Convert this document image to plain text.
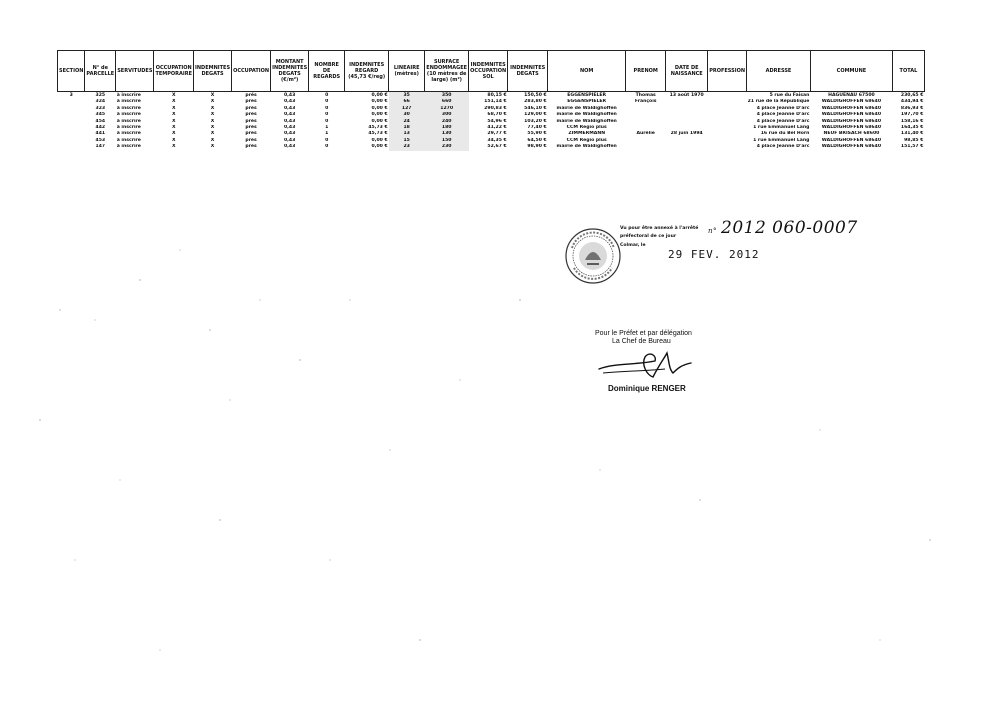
SECTION	N° de PARCELLE	SERVITUDES	OCCUPATION TEMPORAIRE	INDEMNITES DEGATS	OCCUPATION	MONTANT INDEMNITES DEGATS (€/m²)	NOMBRE DE REGARDS	INDEMNITES REGARD (45,73 €/reg)	LINEAIRE (mètres)	SURFACE ENDOMMAGEE (10 mètres de large) (m²)	INDEMNITES OCCUPATION SOL	INDEMNITES DEGATS	NOM	PRENOM	DATE DE NAISSANCE	PROFESSION	ADRESSE	COMMUNE	TOTAL
3	325	à inscrire	X	X	prés	0,43	0	0,00 €	35	350	80,15 €	150,50 €	EGGENSPIELER	Thomas	13 août 1970		5 rue du Faisan	HAGUENAU 67500	230,65 €
	324	à inscrire	X	X	prés	0,43	0	0,00 €	66	660	151,14 €	283,80 €	EGGENSPIELER	François			21 rue de la République	WALDIGHOFFEN 68640	434,94 €
	323	à inscrire	X	X	prés	0,43	0	0,00 €	127	1270	290,83 €	546,10 €	mairie de Waldighoffen				4 place Jeanne D'arc	WALDIGHOFFEN 68640	836,93 €
	345	à inscrire	X	X	prés	0,43	0	0,00 €	30	300	68,70 €	129,00 €	mairie de Waldighoffen				4 place Jeanne D'arc	WALDIGHOFFEN 68640	197,70 €
	454	à inscrire	X	X	prés	0,43	0	0,00 €	24	240	54,96 €	103,20 €	mairie de Waldighoffen				4 place Jeanne D'arc	WALDIGHOFFEN 68640	158,16 €
	442	à inscrire	X	X	prés	0,43	1	45,73 €	18	180	41,22 €	77,40 €	CCM Regio plus				1 rue Emmanuel Lang	WALDIGHOFFEN 68640	164,35 €
	441	à inscrire	X	X	prés	0,43	1	45,73 €	13	130	29,77 €	55,90 €	ZIMMERMANN	Aurélie	28 juin 1994		16 rue du Bel Horn	NEUF BRISACH 68600	131,40 €
	453	à inscrire	X	X	prés	0,43	0	0,00 €	15	150	34,35 €	64,50 €	CCM Regio plus				1 rue Emmanuel Lang	WALDIGHOFFEN 68640	98,85 €
	147	à inscrire	X	X	prés	0,43	0	0,00 €	23	230	52,67 €	98,90 €	mairie de Waldighoffen				4 place Jeanne D'arc	WALDIGHOFFEN 68640	151,57 €
Vu pour être annexé à l'arrêté
préfectoral de ce jour
Colmar, le
n° 2012 060-0007
29 FEV. 2012
Pour le Préfet et par délégation
La Chef de Bureau
Dominique RENGER
